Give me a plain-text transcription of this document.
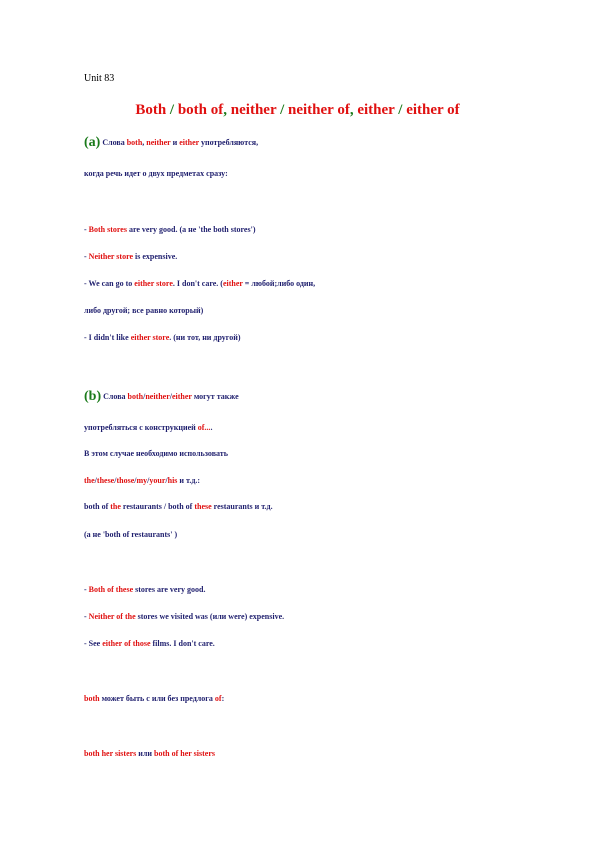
Unit 83
Both / both of, neither / neither of, either / either of
(a) Слова both, neither и either употребляются,
когда речь идет о двух предметах сразу:
- Both stores are very good. (а не 'the both stores')
- Neither store is expensive.
- We can go to either store. I don't care. (either = любой;либо один,
либо другой; все равно который)
- I didn't like either store. (ни тот, ни другой)
(b) Слова both/neither/either могут также
употребляться с конструкцией of....
В этом случае необходимо использовать
the/these/those/my/your/his и т.д.:
both of the restaurants / both of these restaurants и т.д.
(а не 'both of restaurants' )
- Both of these stores are very good.
- Neither of the stores we visited was (или were) expensive.
- See either of those films. I don't care.
both может быть с или без предлога of:
both her sisters или both of her sisters
